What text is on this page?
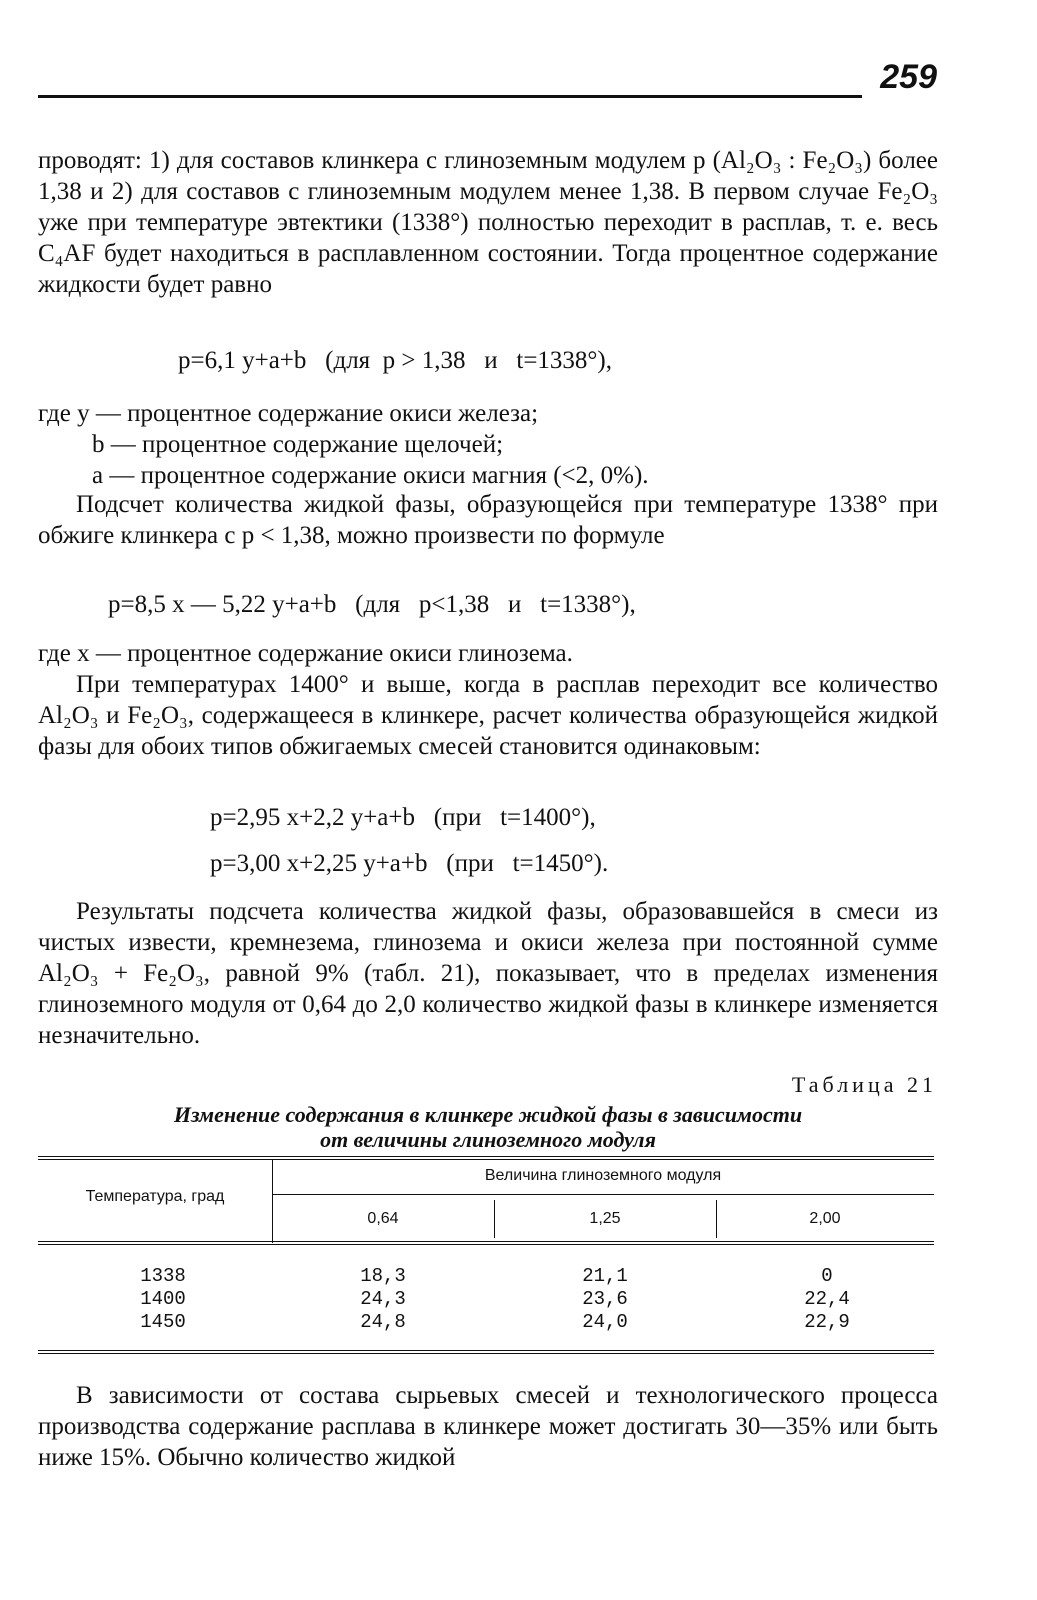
259

проводят: 1) для составов клинкера с глиноземным модулем p (Al₂O₃ : Fe₂O₃) более 1,38 и 2) для составов с глиноземным модулем менее 1,38. В первом случае Fe₂O₃ уже при температуре эвтектики (1338°) полностью переходит в расплав, т. е. весь C₄AF будет находиться в расплавленном состоянии. Тогда процентное содержание жидкости будет равно

p=6,1 y+a+b   (для  p > 1,38   и   t=1338°),
где y — процентное содержание окиси железа;
b — процентное содержание щелочей;
a — процентное содержание окиси магния (<2, 0%).

Подсчет количества жидкой фазы, образующейся при температуре 1338° при обжиге клинкера с p < 1,38, можно произвести по формуле

p=8,5 x — 5,22 y+a+b   (для   p<1,38   и   t=1338°),
где x — процентное содержание окиси глинозема.

При температурах 1400° и выше, когда в расплав переходит все количество Al₂O₃ и Fe₂O₃, содержащееся в клинкере, расчет количества образующейся жидкой фазы для обоих типов обжигаемых смесей становится одинаковым:

p=2,95 x+2,2 y+a+b   (при   t=1400°),
p=3,00 x+2,25 y+a+b   (при   t=1450°).

Результаты подсчета количества жидкой фазы, образовавшейся в смеси из чистых извести, кремнезема, глинозема и окиси железа при постоянной сумме Al₂O₃ + Fe₂O₃, равной 9% (табл. 21), показывает, что в пределах изменения глиноземного модуля от 0,64 до 2,0 количество жидкой фазы в клинкере изменяется незначительно.

Таблица 21
Изменение содержания в клинкере жидкой фазы в зависимости
от величины глиноземного модуля
Температура, град
Величина глиноземного модуля
0,64	1,25	2,00
1338
1400
1450
18,3
24,3
24,8
21,1
23,6
24,0
0
22,4
22,9

В зависимости от состава сырьевых смесей и технологического процесса производства содержание расплава в клинкере может достигать 30—35% или быть ниже 15%. Обычно количество жидкой
